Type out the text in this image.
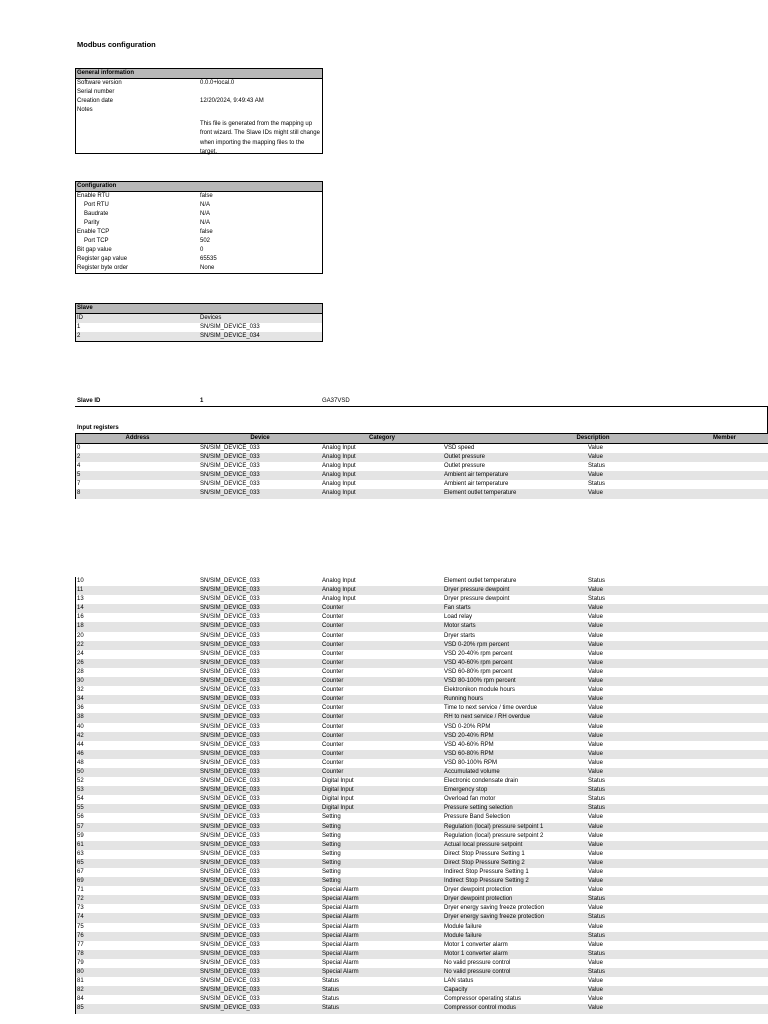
Modbus configuration
General information
Software version	0.0.0+local.0
Serial number
Creation date	12/20/2024, 9:49:43 AM
Notes
This file is generated from the mapping up front wizard. The Slave IDs might still change when importing the mapping files to the target.
Configuration
Enable RTU	false
Port RTU	N/A
Baudrate	N/A
Parity	N/A
Enable TCP	false
Port TCP	502
Bit gap value	0
Register gap value	65535
Register byte order	None
Slave
ID	Devices
1	SN/SIM_DEVICE_033
2	SN/SIM_DEVICE_034
Slave ID	1	GA37VSD
Input registers
Address	Device	Category	Description	Member
0	SN/SIM_DEVICE_033	Analog Input	VSD speed	Value
2	SN/SIM_DEVICE_033	Analog Input	Outlet pressure	Value
4	SN/SIM_DEVICE_033	Analog Input	Outlet pressure	Status
5	SN/SIM_DEVICE_033	Analog Input	Ambient air temperature	Value
7	SN/SIM_DEVICE_033	Analog Input	Ambient air temperature	Status
8	SN/SIM_DEVICE_033	Analog Input	Element outlet temperature	Value
10	SN/SIM_DEVICE_033	Analog Input	Element outlet temperature	Status
11	SN/SIM_DEVICE_033	Analog Input	Dryer pressure dewpoint	Value
13	SN/SIM_DEVICE_033	Analog Input	Dryer pressure dewpoint	Status
14	SN/SIM_DEVICE_033	Counter	Fan starts	Value
16	SN/SIM_DEVICE_033	Counter	Load relay	Value
18	SN/SIM_DEVICE_033	Counter	Motor starts	Value
20	SN/SIM_DEVICE_033	Counter	Dryer starts	Value
22	SN/SIM_DEVICE_033	Counter	VSD 0-20% rpm percent	Value
24	SN/SIM_DEVICE_033	Counter	VSD 20-40% rpm percent	Value
26	SN/SIM_DEVICE_033	Counter	VSD 40-60% rpm percent	Value
28	SN/SIM_DEVICE_033	Counter	VSD 60-80% rpm percent	Value
30	SN/SIM_DEVICE_033	Counter	VSD 80-100% rpm percent	Value
32	SN/SIM_DEVICE_033	Counter	Elektronikon module hours	Value
34	SN/SIM_DEVICE_033	Counter	Running hours	Value
36	SN/SIM_DEVICE_033	Counter	Time to next service / time overdue	Value
38	SN/SIM_DEVICE_033	Counter	RH to next service / RH overdue	Value
40	SN/SIM_DEVICE_033	Counter	VSD 0-20% RPM	Value
42	SN/SIM_DEVICE_033	Counter	VSD 20-40% RPM	Value
44	SN/SIM_DEVICE_033	Counter	VSD 40-60% RPM	Value
46	SN/SIM_DEVICE_033	Counter	VSD 60-80% RPM	Value
48	SN/SIM_DEVICE_033	Counter	VSD 80-100% RPM	Value
50	SN/SIM_DEVICE_033	Counter	Accumulated volume	Value
52	SN/SIM_DEVICE_033	Digital Input	Electronic condensate drain	Status
53	SN/SIM_DEVICE_033	Digital Input	Emergency stop	Status
54	SN/SIM_DEVICE_033	Digital Input	Overload fan motor	Status
55	SN/SIM_DEVICE_033	Digital Input	Pressure setting selection	Status
56	SN/SIM_DEVICE_033	Setting	Pressure Band Selection	Value
57	SN/SIM_DEVICE_033	Setting	Regulation (local) pressure setpoint 1	Value
59	SN/SIM_DEVICE_033	Setting	Regulation (local) pressure setpoint 2	Value
61	SN/SIM_DEVICE_033	Setting	Actual local pressure setpoint	Value
63	SN/SIM_DEVICE_033	Setting	Direct Stop Pressure Setting 1	Value
65	SN/SIM_DEVICE_033	Setting	Direct Stop Pressure Setting 2	Value
67	SN/SIM_DEVICE_033	Setting	Indirect Stop Pressure Setting 1	Value
69	SN/SIM_DEVICE_033	Setting	Indirect Stop Pressure Setting 2	Value
71	SN/SIM_DEVICE_033	Special Alarm	Dryer dewpoint protection	Value
72	SN/SIM_DEVICE_033	Special Alarm	Dryer dewpoint protection	Status
73	SN/SIM_DEVICE_033	Special Alarm	Dryer energy saving freeze protection	Value
74	SN/SIM_DEVICE_033	Special Alarm	Dryer energy saving freeze protection	Status
75	SN/SIM_DEVICE_033	Special Alarm	Module failure	Value
76	SN/SIM_DEVICE_033	Special Alarm	Module failure	Status
77	SN/SIM_DEVICE_033	Special Alarm	Motor 1 converter alarm	Value
78	SN/SIM_DEVICE_033	Special Alarm	Motor 1 converter alarm	Status
79	SN/SIM_DEVICE_033	Special Alarm	No valid pressure control	Value
80	SN/SIM_DEVICE_033	Special Alarm	No valid pressure control	Status
81	SN/SIM_DEVICE_033	Status	LAN status	Value
82	SN/SIM_DEVICE_033	Status	Capacity	Value
84	SN/SIM_DEVICE_033	Status	Compressor operating status	Value
85	SN/SIM_DEVICE_033	Status	Compressor control modus	Value
